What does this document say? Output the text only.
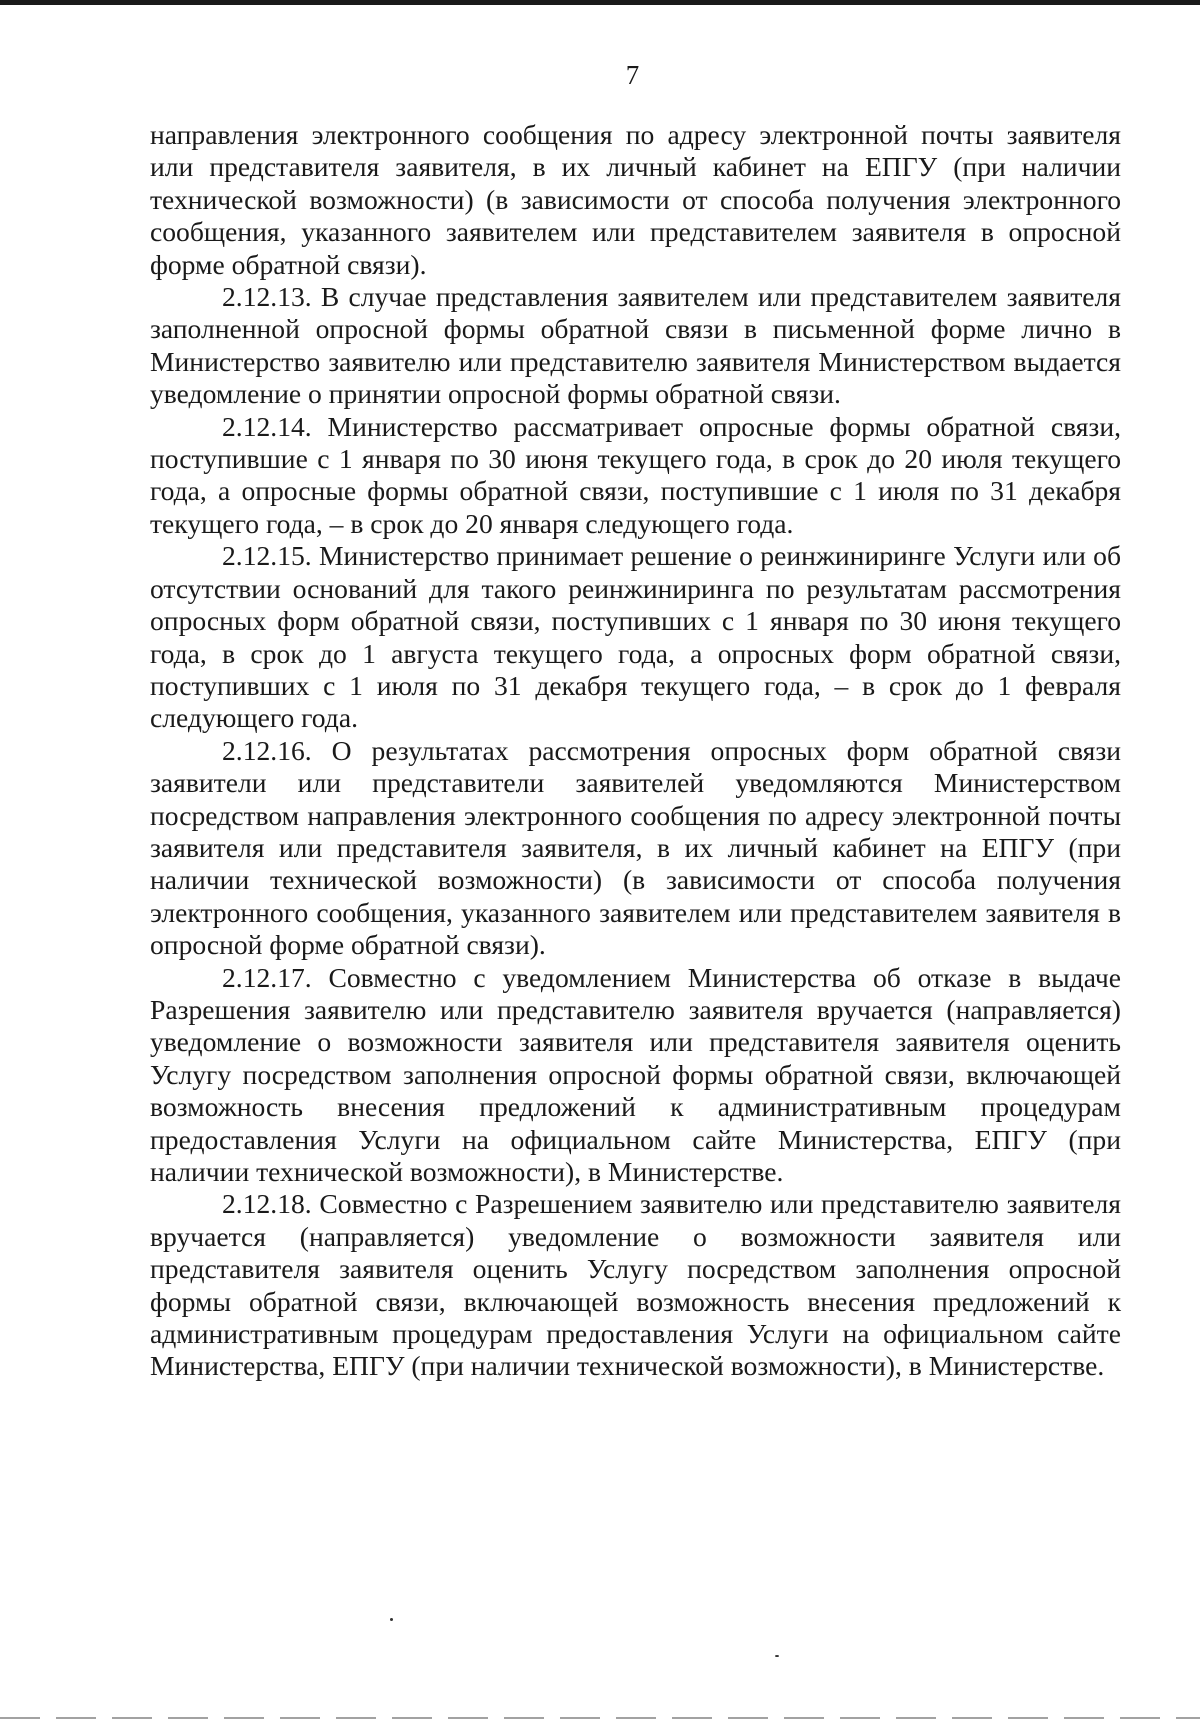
7

направления электронного сообщения по адресу электронной почты заявителя или представителя заявителя, в их личный кабинет на ЕПГУ (при наличии технической возможности) (в зависимости от способа получения электронного сообщения, указанного заявителем или представителем заявителя в опросной форме обратной связи).

2.12.13. В случае представления заявителем или представителем заявителя заполненной опросной формы обратной связи в письменной форме лично в Министерство заявителю или представителю заявителя Министерством выдается уведомление о принятии опросной формы обратной связи.

2.12.14. Министерство рассматривает опросные формы обратной связи, поступившие с 1 января по 30 июня текущего года, в срок до 20 июля текущего года, а опросные формы обратной связи, поступившие с 1 июля по 31 декабря текущего года, – в срок до 20 января следующего года.

2.12.15. Министерство принимает решение о реинжиниринге Услуги или об отсутствии оснований для такого реинжиниринга по результатам рассмотрения опросных форм обратной связи, поступивших с 1 января по 30 июня текущего года, в срок до 1 августа текущего года, а опросных форм обратной связи, поступивших с 1 июля по 31 декабря текущего года, – в срок до 1 февраля следующего года.

2.12.16. О результатах рассмотрения опросных форм обратной связи заявители или представители заявителей уведомляются Министерством посредством направления электронного сообщения по адресу электронной почты заявителя или представителя заявителя, в их личный кабинет на ЕПГУ (при наличии технической возможности) (в зависимости от способа получения электронного сообщения, указанного заявителем или представителем заявителя в опросной форме обратной связи).

2.12.17. Совместно с уведомлением Министерства об отказе в выдаче Разрешения заявителю или представителю заявителя вручается (направляется) уведомление о возможности заявителя или представителя заявителя оценить Услугу посредством заполнения опросной формы обратной связи, включающей возможность внесения предложений к административным процедурам предоставления Услуги на официальном сайте Министерства, ЕПГУ (при наличии технической возможности), в Министерстве.

2.12.18. Совместно с Разрешением заявителю или представителю заявителя вручается (направляется) уведомление о возможности заявителя или представителя заявителя оценить Услугу посредством заполнения опросной формы обратной связи, включающей возможность внесения предложений к административным процедурам предоставления Услуги на официальном сайте Министерства, ЕПГУ (при наличии технической возможности), в Министерстве.
